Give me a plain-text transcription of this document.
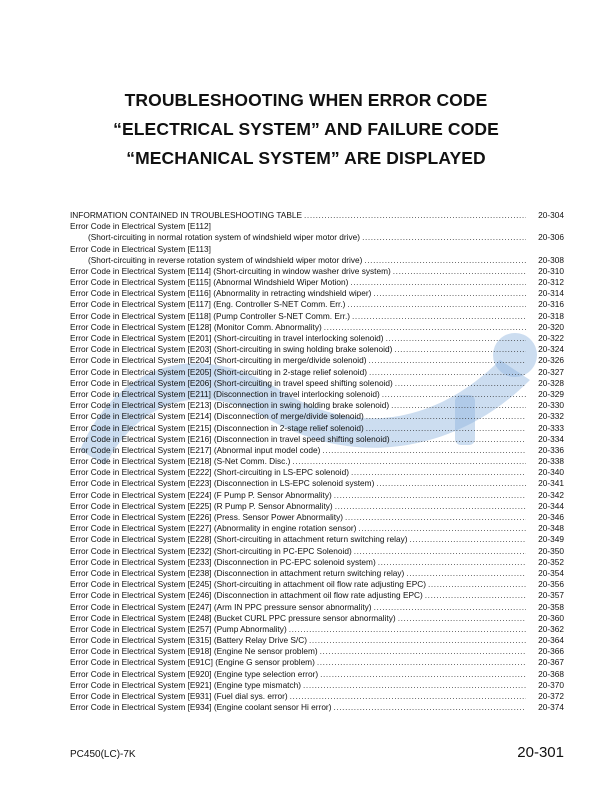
TROUBLESHOOTING WHEN ERROR CODE
“ELECTRICAL SYSTEM” AND FAILURE CODE
“MECHANICAL SYSTEM” ARE DISPLAYED
INFORMATION CONTAINED IN TROUBLESHOOTING TABLE .....	20-304
Error Code in Electrical System [E112]
(Short-circuiting in normal rotation system of windshield wiper motor drive) .....	20-306
Error Code in Electrical System [E113]
(Short-circuiting in reverse rotation system of windshield wiper motor drive) .....	20-308
Error Code in Electrical System [E114] (Short-circuiting in window washer drive system) .....	20-310
Error Code in Electrical System [E115] (Abnormal Windshield Wiper Motion) .....	20-312
Error Code in Electrical System [E116] (Abnormality in retracting windshield wiper) .....	20-314
Error Code in Electrical System [E117] (Eng. Controller S-NET Comm. Err.) .....	20-316
Error Code in Electrical System [E118] (Pump Controller S-NET Comm. Err.) .....	20-318
Error Code in Electrical System [E128] (Monitor Comm. Abnormality) .....	20-320
Error Code in Electrical System [E201] (Short-circuiting in travel interlocking solenoid) .....	20-322
Error Code in Electrical System [E203] (Short-circuiting in swing holding brake solenoid) .....	20-324
Error Code in Electrical System [E204] (Short-circuiting in merge/divide solenoid) .....	20-326
Error Code in Electrical System [E205] (Short-circuiting in 2-stage relief solenoid) .....	20-327
Error Code in Electrical System [E206] (Short-circuiting in travel speed shifting solenoid) .....	20-328
Error Code in Electrical System [E211] (Disconnection in travel interlocking solenoid) .....	20-329
Error Code in Electrical System [E213] (Disconnection in swing holding brake solenoid) .....	20-330
Error Code in Electrical System [E214] (Disconnection of merge/divide solenoid) .....	20-332
Error Code in Electrical System [E215] (Disconnection in 2-stage relief solenoid) .....	20-333
Error Code in Electrical System [E216] (Disconnection in travel speed shifting solenoid) .....	20-334
Error Code in Electrical System [E217] (Abnormal input model code) .....	20-336
Error Code in Electrical System [E218] (S-Net Comm. Disc.) .....	20-338
Error Code in Electrical System [E222] (Short-circuiting in LS-EPC solenoid) .....	20-340
Error Code in Electrical System [E223] (Disconnection in LS-EPC solenoid system) .....	20-341
Error Code in Electrical System [E224] (F Pump P. Sensor Abnormality) .....	20-342
Error Code in Electrical System [E225] (R Pump P. Sensor Abnormality) .....	20-344
Error Code in Electrical System [E226] (Press. Sensor Power Abnormality) .....	20-346
Error Code in Electrical System [E227] (Abnormality in engine rotation sensor) .....	20-348
Error Code in Electrical System [E228] (Short-circuiting in attachment return switching relay) .....	20-349
Error Code in Electrical System [E232] (Short-circuiting in PC-EPC Solenoid) .....	20-350
Error Code in Electrical System [E233] (Disconnection in PC-EPC solenoid system) .....	20-352
Error Code in Electrical System [E238] (Disconnection in attachment return switching relay) .....	20-354
Error Code in Electrical System [E245] (Short-circuiting in attachment oil flow rate adjusting EPC) .....	20-356
Error Code in Electrical System [E246] (Disconnection in attachment oil flow rate adjusting EPC) .....	20-357
Error Code in Electrical System [E247] (Arm IN PPC pressure sensor abnormality) .....	20-358
Error Code in Electrical System [E248] (Bucket CURL PPC pressure sensor abnormality) .....	20-360
Error Code in Electrical System [E257] (Pump Abnormality) .....	20-362
Error Code in Electrical System [E315] (Battery Relay Drive S/C) .....	20-364
Error Code in Electrical System [E918] (Engine Ne sensor problem) .....	20-366
Error Code in Electrical System [E91C] (Engine G sensor problem) .....	20-367
Error Code in Electrical System [E920] (Engine type selection error) .....	20-368
Error Code in Electrical System [E921] (Engine type mismatch) .....	20-370
Error Code in Electrical System [E931] (Fuel dial sys. error) .....	20-372
Error Code in Electrical System [E934] (Engine coolant sensor Hi error) .....	20-374
PC450(LC)-7K	20-301
